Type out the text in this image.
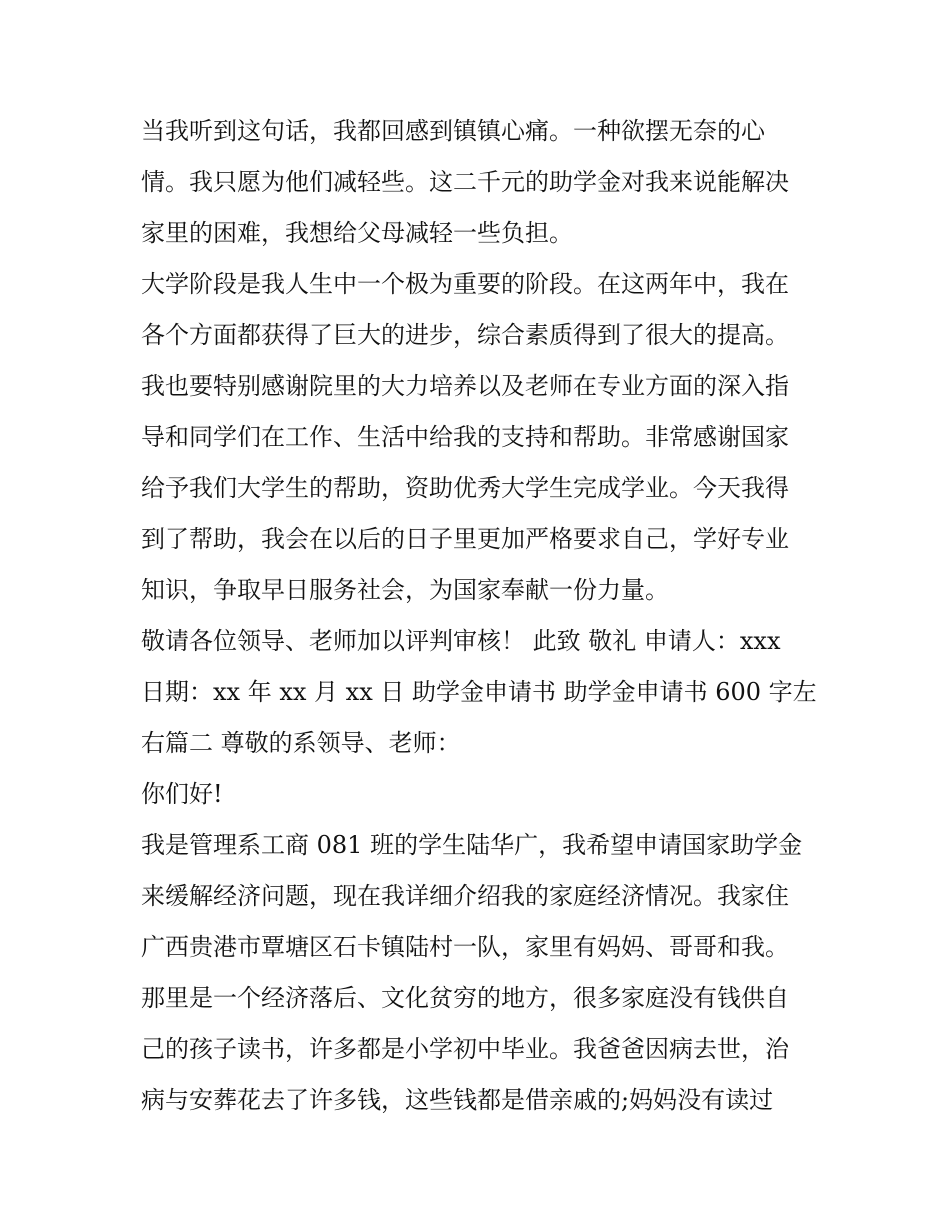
当我听到这句话，我都回感到镇镇心痛。一种欲摆无奈的心
情。我只愿为他们减轻些。这二千元的助学金对我来说能解决
家里的困难，我想给父母减轻一些负担。
大学阶段是我人生中一个极为重要的阶段。在这两年中，我在
各个方面都获得了巨大的进步，综合素质得到了很大的提高。
我也要特别感谢院里的大力培养以及老师在专业方面的深入指
导和同学们在工作、生活中给我的支持和帮助。非常感谢国家
给予我们大学生的帮助，资助优秀大学生完成学业。今天我得
到了帮助，我会在以后的日子里更加严格要求自己，学好专业
知识，争取早日服务社会，为国家奉献一份力量。
敬请各位领导、老师加以评判审核！ 此致 敬礼 申请人：xxx
日期：xx 年 xx 月 xx 日 助学金申请书 助学金申请书 600 字左
右篇二 尊敬的系领导、老师：
你们好!
我是管理系工商 081 班的学生陆华广，我希望申请国家助学金
来缓解经济问题，现在我详细介绍我的家庭经济情况。我家住
广西贵港市覃塘区石卡镇陆村一队，家里有妈妈、哥哥和我。
那里是一个经济落后、文化贫穷的地方，很多家庭没有钱供自
己的孩子读书，许多都是小学初中毕业。我爸爸因病去世，治
病与安葬花去了许多钱，这些钱都是借亲戚的;妈妈没有读过
